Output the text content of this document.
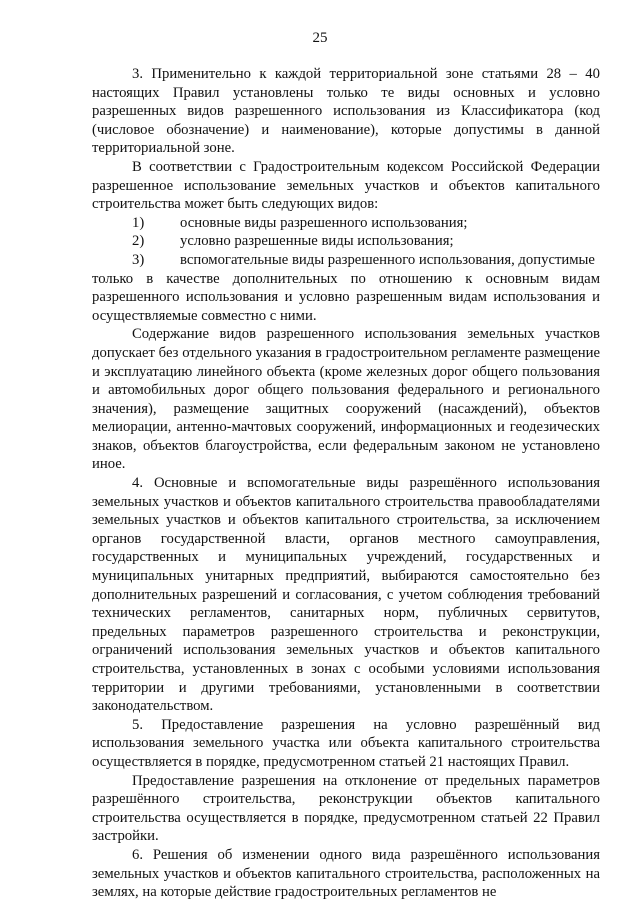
25

3. Применительно к каждой территориальной зоне статьями 28 – 40 настоящих Правил установлены только те виды основных и условно разрешенных видов разрешенного использования из Классификатора (код (числовое обозначение) и наименование), которые допустимы в данной территориальной зоне.

В соответствии с Градостроительным кодексом Российской Федерации разрешенное использование земельных участков и объектов капитального строительства может быть следующих видов:

1)	основные виды разрешенного использования;
2)	условно разрешенные виды использования;
3)	вспомогательные виды разрешенного использования, допустимые

только в качестве дополнительных по отношению к основным видам разрешенного использования и условно разрешенным видам использования и осуществляемые совместно с ними.

Содержание видов разрешенного использования земельных участков допускает без отдельного указания в градостроительном регламенте размещение и эксплуатацию линейного объекта (кроме железных дорог общего пользования и автомобильных дорог общего пользования федерального и регионального значения), размещение защитных сооружений (насаждений), объектов мелиорации, антенно-мачтовых сооружений, информационных и геодезических знаков, объектов благоустройства, если федеральным законом не установлено иное.

4. Основные и вспомогательные виды разрешённого использования земельных участков и объектов капитального строительства правообладателями земельных участков и объектов капитального строительства, за исключением органов государственной власти, органов местного самоуправления, государственных и муниципальных учреждений, государственных и муниципальных унитарных предприятий, выбираются самостоятельно без дополнительных разрешений и согласования, с учетом соблюдения требований технических регламентов, санитарных норм, публичных сервитутов, предельных параметров разрешенного строительства и реконструкции, ограничений использования земельных участков и объектов капитального строительства, установленных в зонах с особыми условиями использования территории и другими требованиями, установленными в соответствии законодательством.

5. Предоставление разрешения на условно разрешённый вид использования земельного участка или объекта капитального строительства осуществляется в порядке, предусмотренном статьей 21 настоящих Правил.

Предоставление разрешения на отклонение от предельных параметров разрешённого строительства, реконструкции объектов капитального строительства осуществляется в порядке, предусмотренном статьей 22 Правил застройки.

6. Решения об изменении одного вида разрешённого использования земельных участков и объектов капитального строительства, расположенных на землях, на которые действие градостроительных регламентов не
